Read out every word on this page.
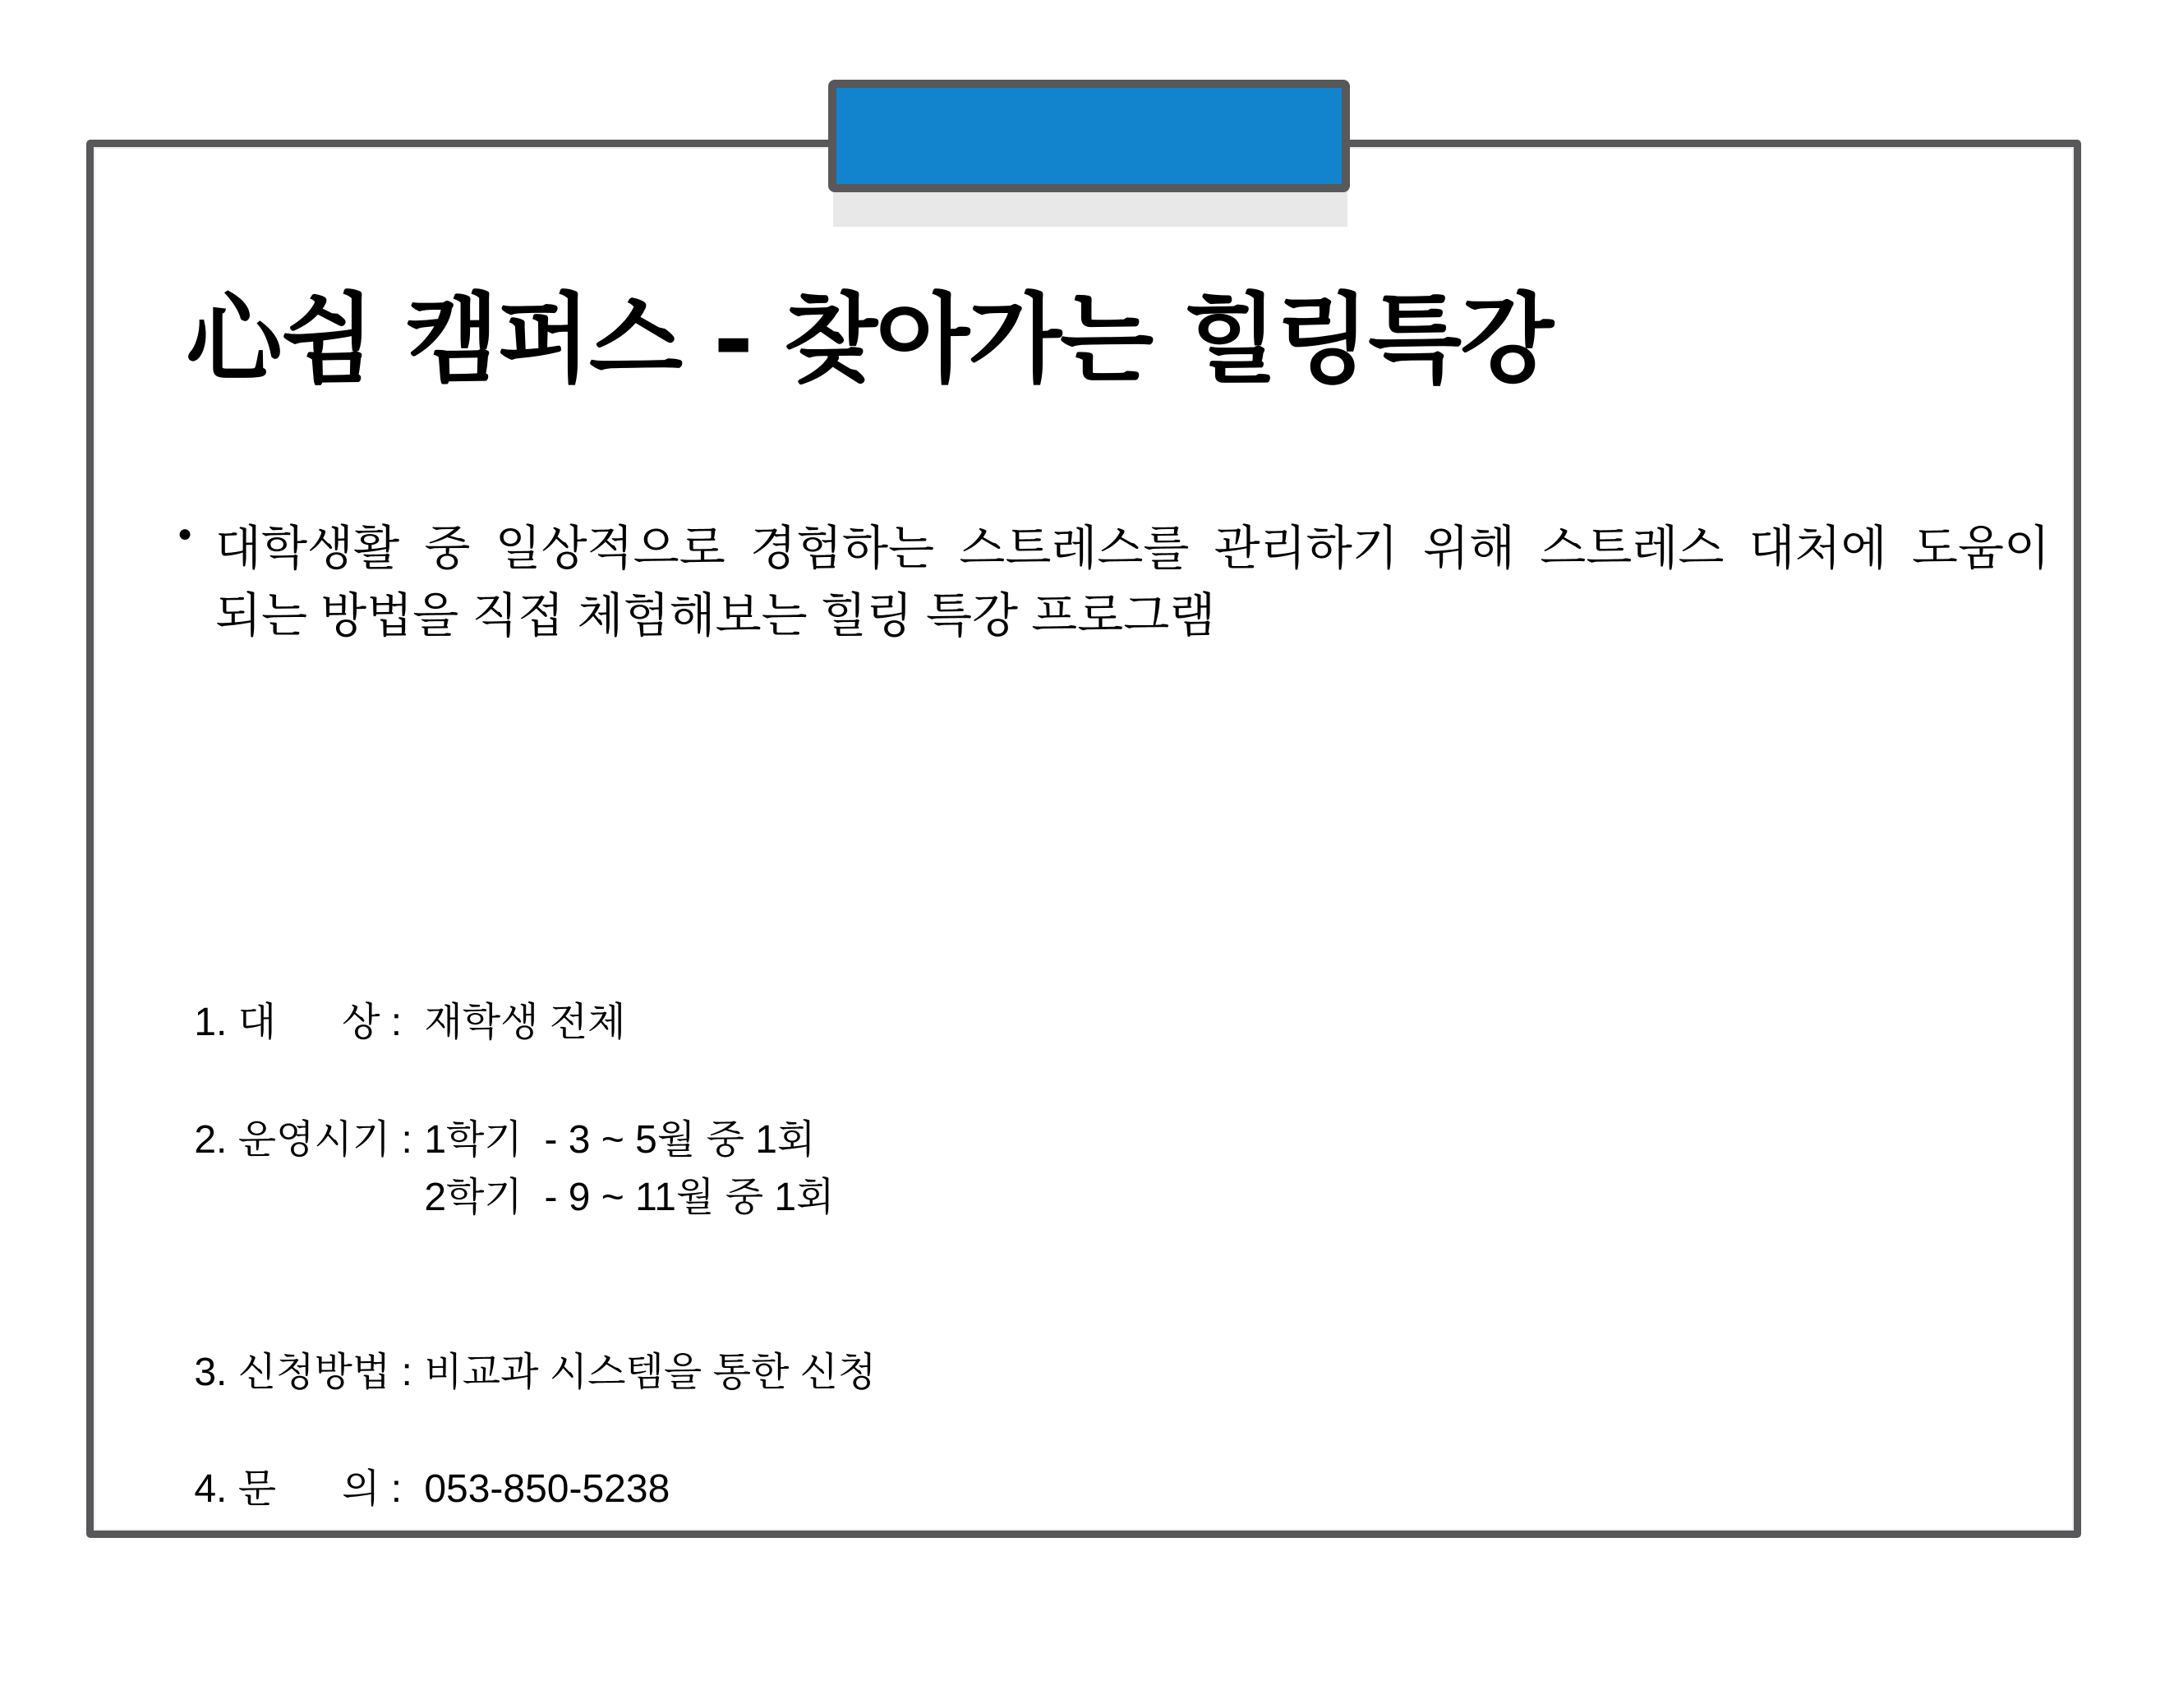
心쉼 캠퍼스 - 찾아가는 힐링특강
● 대학생활 중 일상적으로 경험하는 스트레스를 관리하기 위해 스트레스 대처에 도움이 되는 방법을 직접 체험해보는 힐링 특강 프로그램

1. 대      상 : 재학생 전체

2. 운영시기 : 1학기  - 3 ~ 5월 중 1회
2학기  - 9 ~ 11월 중 1회

3. 신청방법 : 비교과 시스템을 통한 신청

4. 문      의 : 053-850-5238
